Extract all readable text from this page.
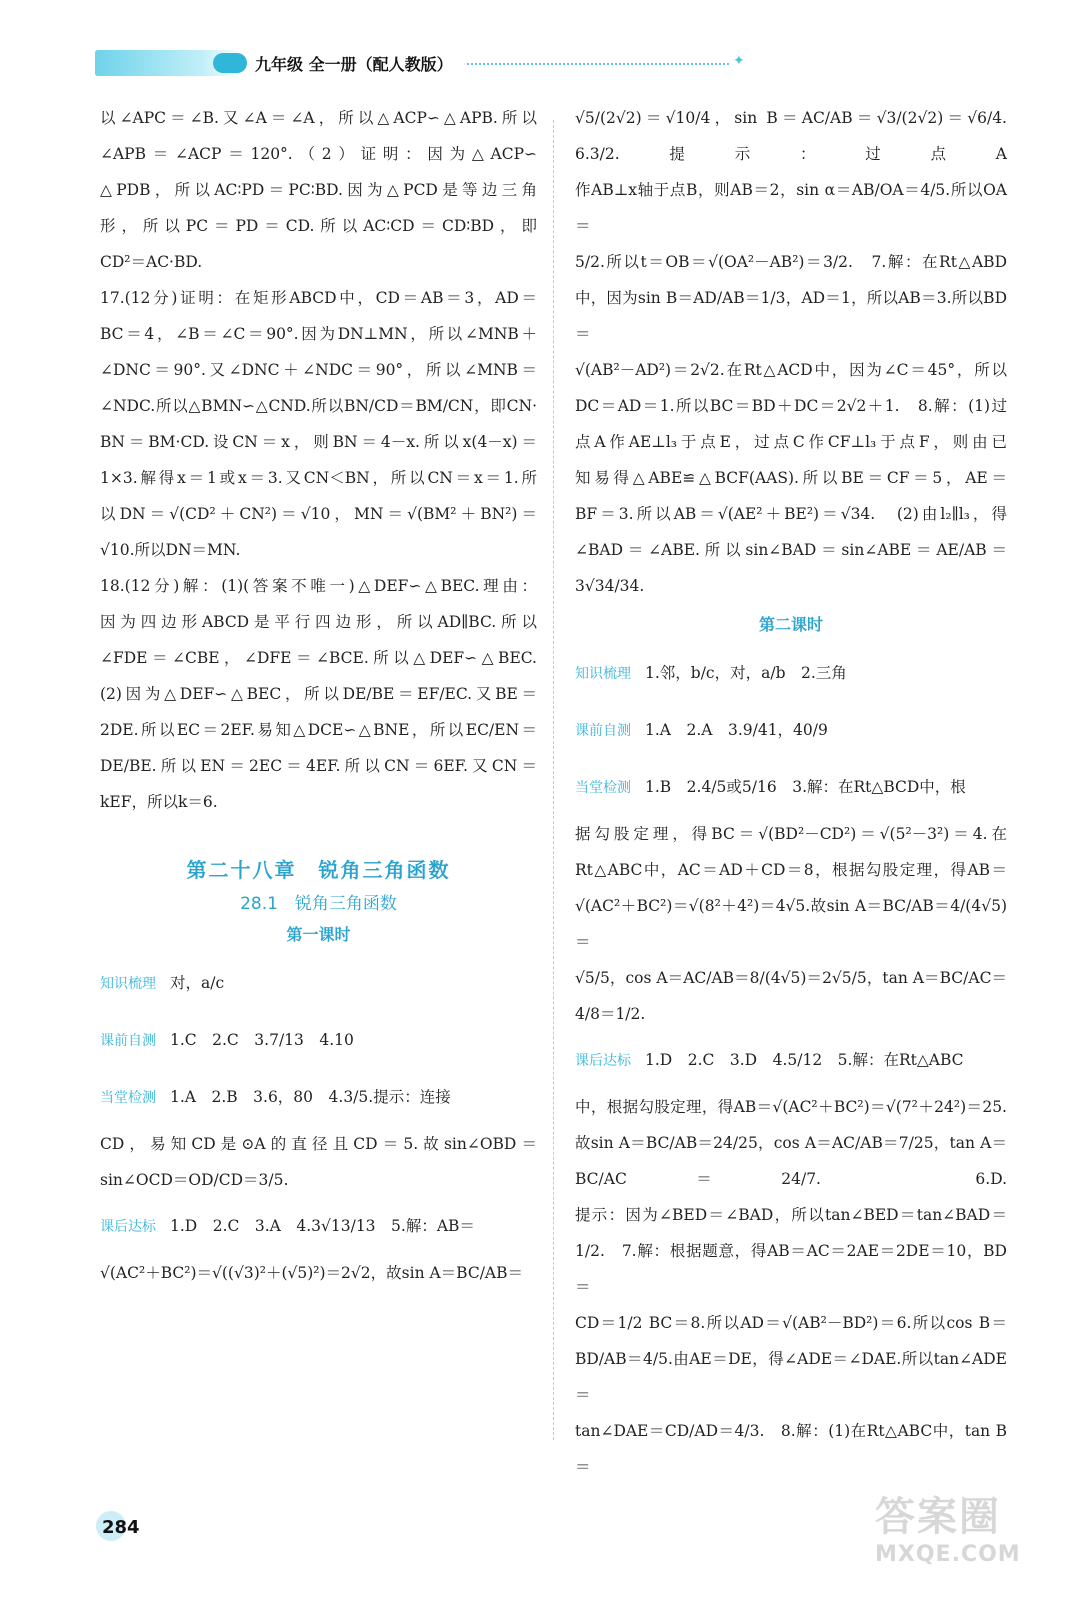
九年级 全一册（配人教版）	✦

以∠APC＝∠B.又∠A＝∠A，所以△ACP∽△APB.所以

∠APB＝∠ACP＝120°.（2）证明：因为△ACP∽

△PDB，所以AC∶PD＝PC∶BD.因为△PCD是等边三角

形，所以PC＝PD＝CD.所以AC∶CD＝CD∶BD，即

CD²＝AC·BD.

17.(12分)证明：在矩形ABCD中，CD＝AB＝3，AD＝

BC＝4，∠B＝∠C＝90°.因为DN⊥MN，所以∠MNB＋

∠DNC＝90°.又∠DNC＋∠NDC＝90°，所以∠MNB＝

∠NDC.所以△BMN∽△CND.所以BN/CD＝BM/CN，即CN·

BN＝BM·CD.设CN＝x，则BN＝4－x.所以x(4－x)＝

1×3.解得x＝1或x＝3.又CN＜BN，所以CN＝x＝1.所

以DN＝√(CD²＋CN²)＝√10，MN＝√(BM²＋BN²)＝

√10.所以DN＝MN.

18.(12分)解：(1)(答案不唯一)△DEF∽△BEC.理由：

因为四边形ABCD是平行四边形，所以AD∥BC.所以

∠FDE＝∠CBE，∠DFE＝∠BCE.所以△DEF∽△BEC.

(2)因为△DEF∽△BEC，所以DE/BE＝EF/EC.又BE＝

2DE.所以EC＝2EF.易知△DCE∽△BNE，所以EC/EN＝

DE/BE.所以EN＝2EC＝4EF.所以CN＝6EF.又CN＝

kEF，所以k＝6.

第二十八章　锐角三角函数
28.1　锐角三角函数
第一课时
知识梳理 对，a/c
课前自测 1.C　2.C　3.7/13　4.10
当堂检测 1.A　2.B　3.6，80　4.3/5.提示：连接

CD，易知CD是⊙A的直径且CD＝5.故sin∠OBD＝

sin∠OCD＝OD/CD＝3/5.

课后达标 1.D　2.C　3.A　4.3√13/13　5.解：AB＝

√(AC²＋BC²)＝√((√3)²＋(√5)²)＝2√2，故sin A＝BC/AB＝

√5/(2√2)＝√10/4，sin B＝AC/AB＝√3/(2√2)＝√6/4.　6.3/2.提示：过点A

作AB⊥x轴于点B，则AB＝2，sin α＝AB/OA＝4/5.所以OA＝

5/2.所以t＝OB＝√(OA²－AB²)＝3/2.　7.解：在Rt△ABD

中，因为sin B＝AD/AB＝1/3，AD＝1，所以AB＝3.所以BD＝

√(AB²－AD²)＝2√2.在Rt△ACD中，因为∠C＝45°，所以

DC＝AD＝1.所以BC＝BD＋DC＝2√2＋1.　8.解：(1)过

点A作AE⊥l₃于点E，过点C作CF⊥l₃于点F，则由已

知易得△ABE≌△BCF(AAS).所以BE＝CF＝5，AE＝

BF＝3.所以AB＝√(AE²＋BE²)＝√34.　(2)由l₂∥l₃，得

∠BAD＝∠ABE.所以sin∠BAD＝sin∠ABE＝AE/AB＝

3√34/34.

第二课时
知识梳理 1.邻，b/c，对，a/b　2.三角
课前自测 1.A　2.A　3.9/41，40/9
当堂检测 1.B　2.4/5或5/16　3.解：在Rt△BCD中，根

据勾股定理，得BC＝√(BD²－CD²)＝√(5²－3²)＝4.在

Rt△ABC中，AC＝AD＋CD＝8，根据勾股定理，得AB＝

√(AC²＋BC²)＝√(8²＋4²)＝4√5.故sin A＝BC/AB＝4/(4√5)＝

√5/5，cos A＝AC/AB＝8/(4√5)＝2√5/5，tan A＝BC/AC＝4/8＝1/2.

课后达标 1.D　2.C　3.D　4.5/12　5.解：在Rt△ABC

中，根据勾股定理，得AB＝√(AC²＋BC²)＝√(7²＋24²)＝25.

故sin A＝BC/AB＝24/25，cos A＝AC/AB＝7/25，tan A＝BC/AC＝24/7.　6.D.

提示：因为∠BED＝∠BAD，所以tan∠BED＝tan∠BAD＝

1/2.　7.解：根据题意，得AB＝AC＝2AE＝2DE＝10，BD＝

CD＝1/2 BC＝8.所以AD＝√(AB²－BD²)＝6.所以cos B＝

BD/AB＝4/5.由AE＝DE，得∠ADE＝∠DAE.所以tan∠ADE＝

tan∠DAE＝CD/AD＝4/3.　8.解：(1)在Rt△ABC中，tan B＝

284	答案圈
MXQE.COM
